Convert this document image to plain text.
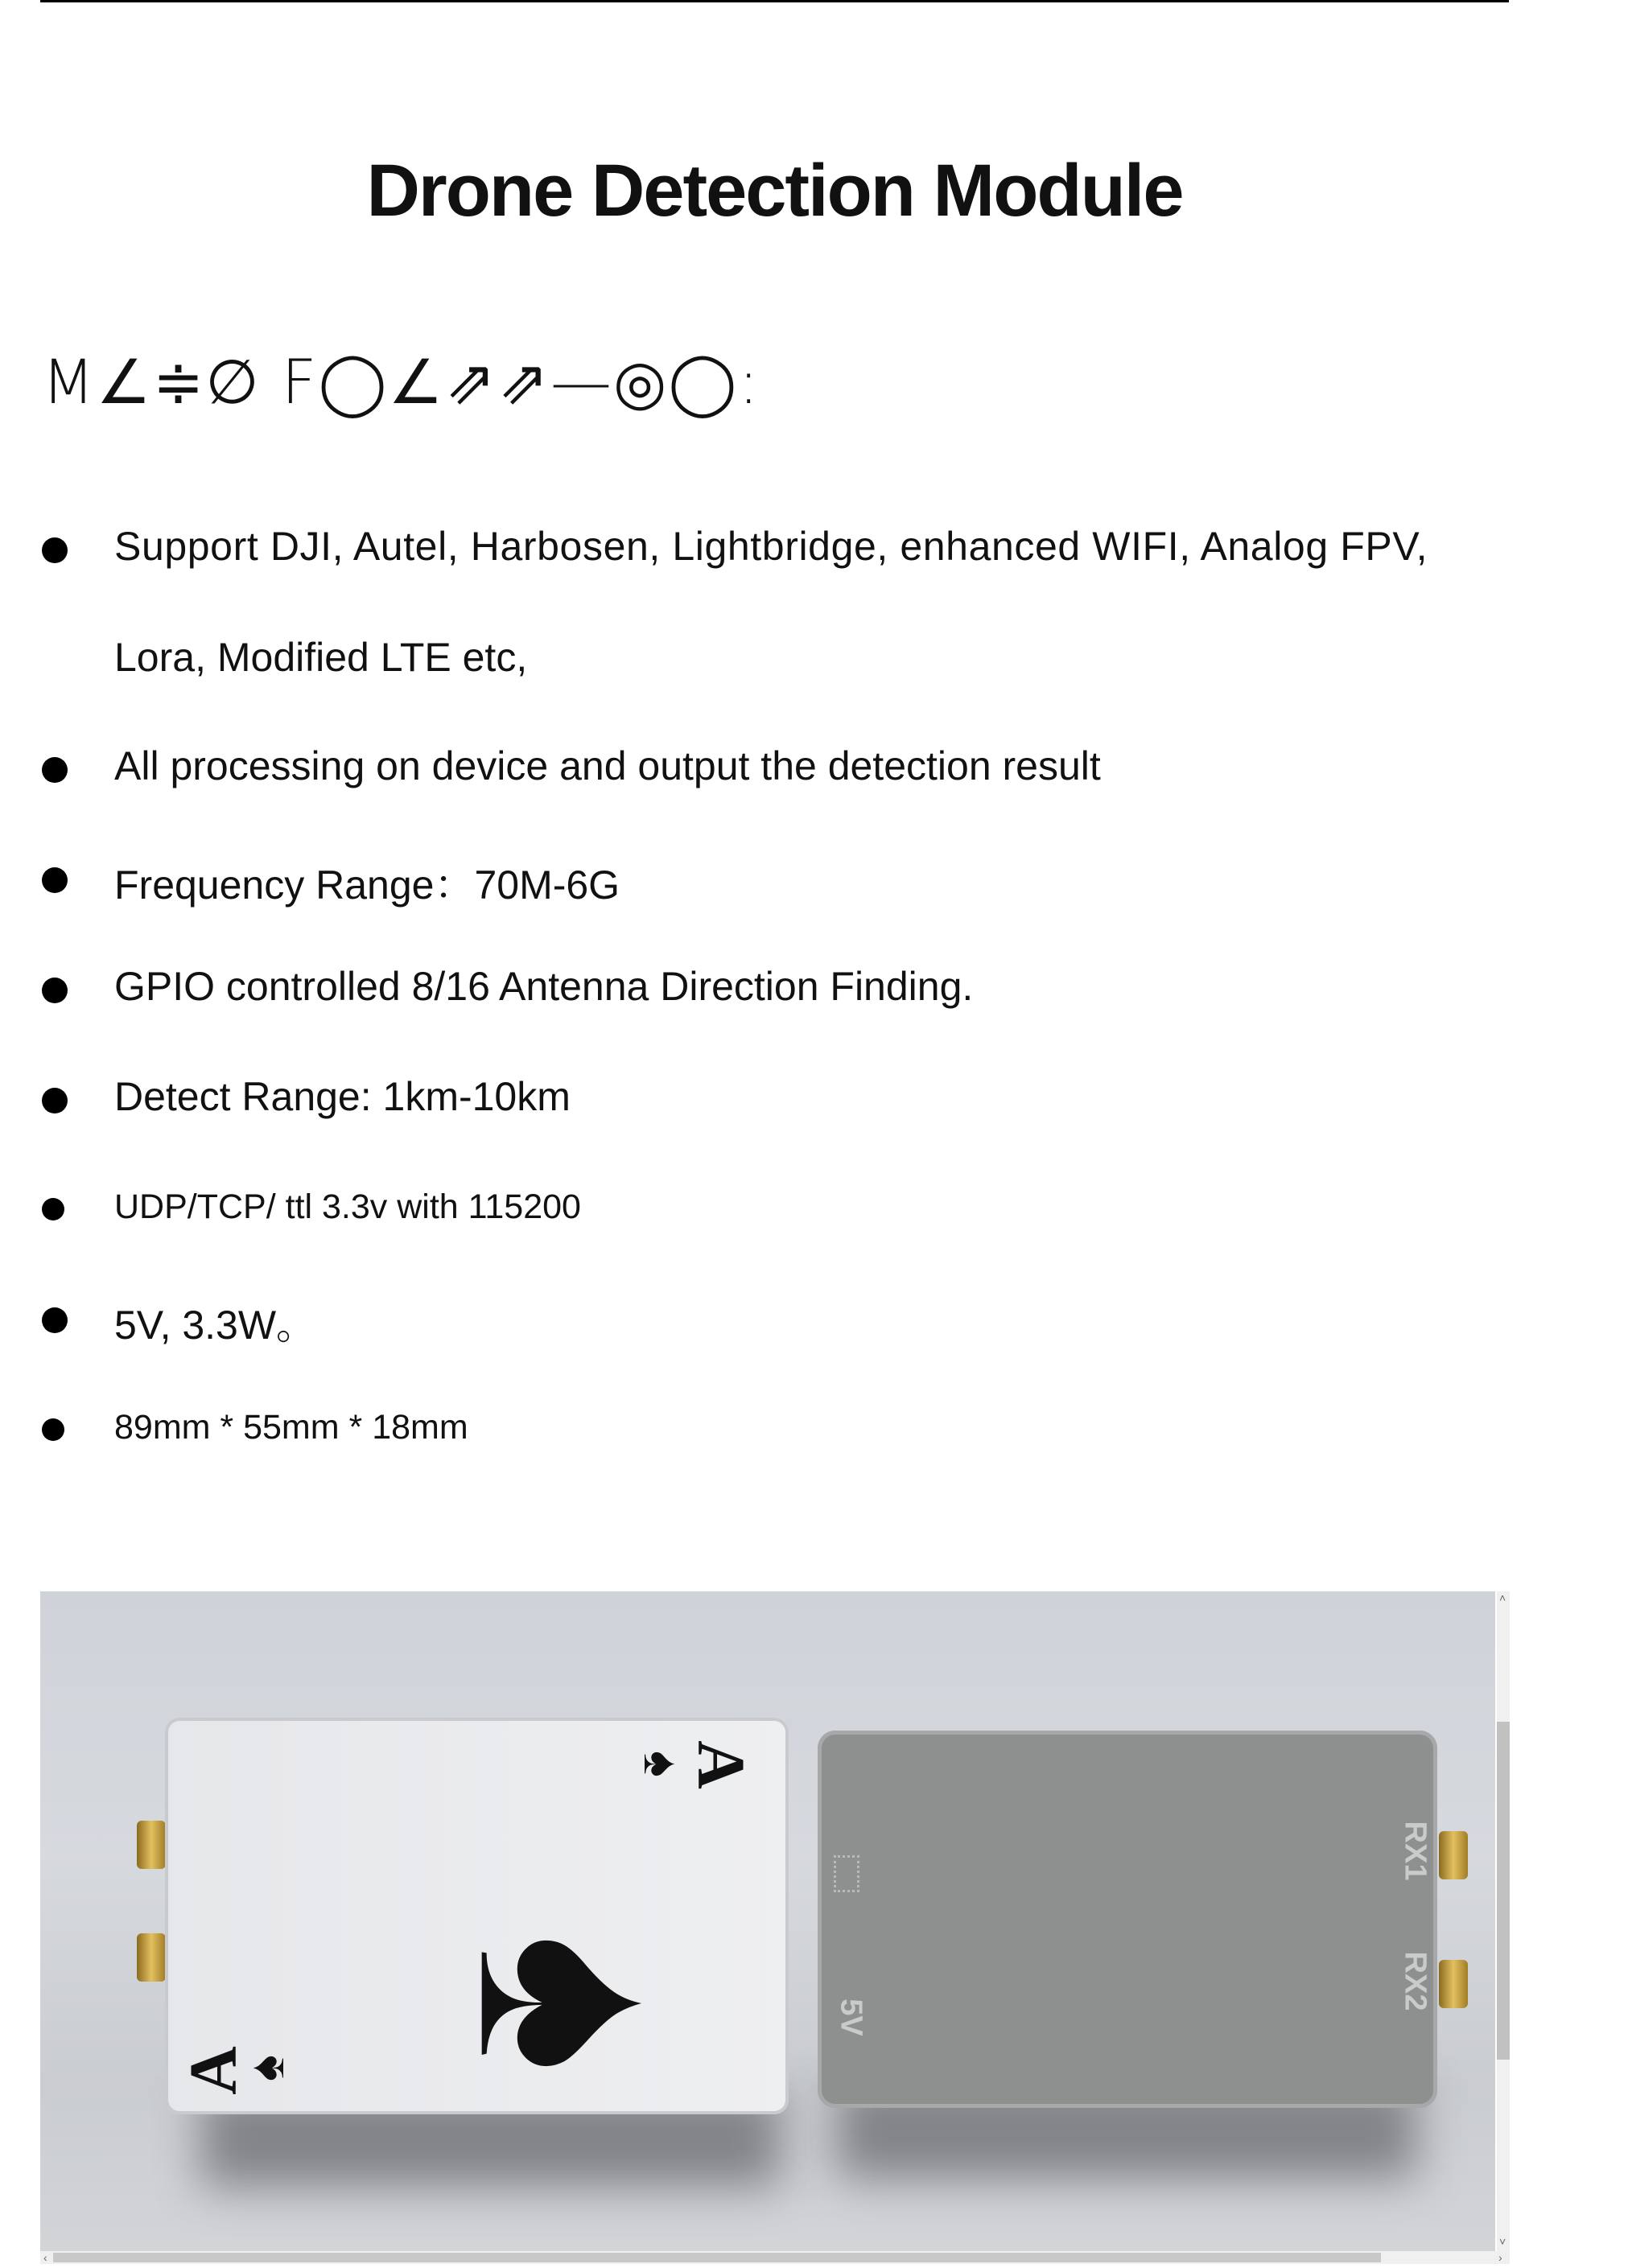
Drone Detection Module
M∠≑∅ F◯∠⇗⇗—◎◯:
Support DJI, Autel, Harbosen, Lightbridge, enhanced WIFI, Analog FPV,
Lora, Modified LTE etc,
All processing on device and output the detection result
Frequency Range：70M-6G
GPIO controlled 8/16 Antenna Direction Finding.
Detect Range: 1km-10km
UDP/TCP/ ttl 3.3v with 115200
5V, 3.3W。
89mm * 55mm * 18mm
A
♠
♠
A
♠
RX1
RX2
5V
˄
˅
‹	›
